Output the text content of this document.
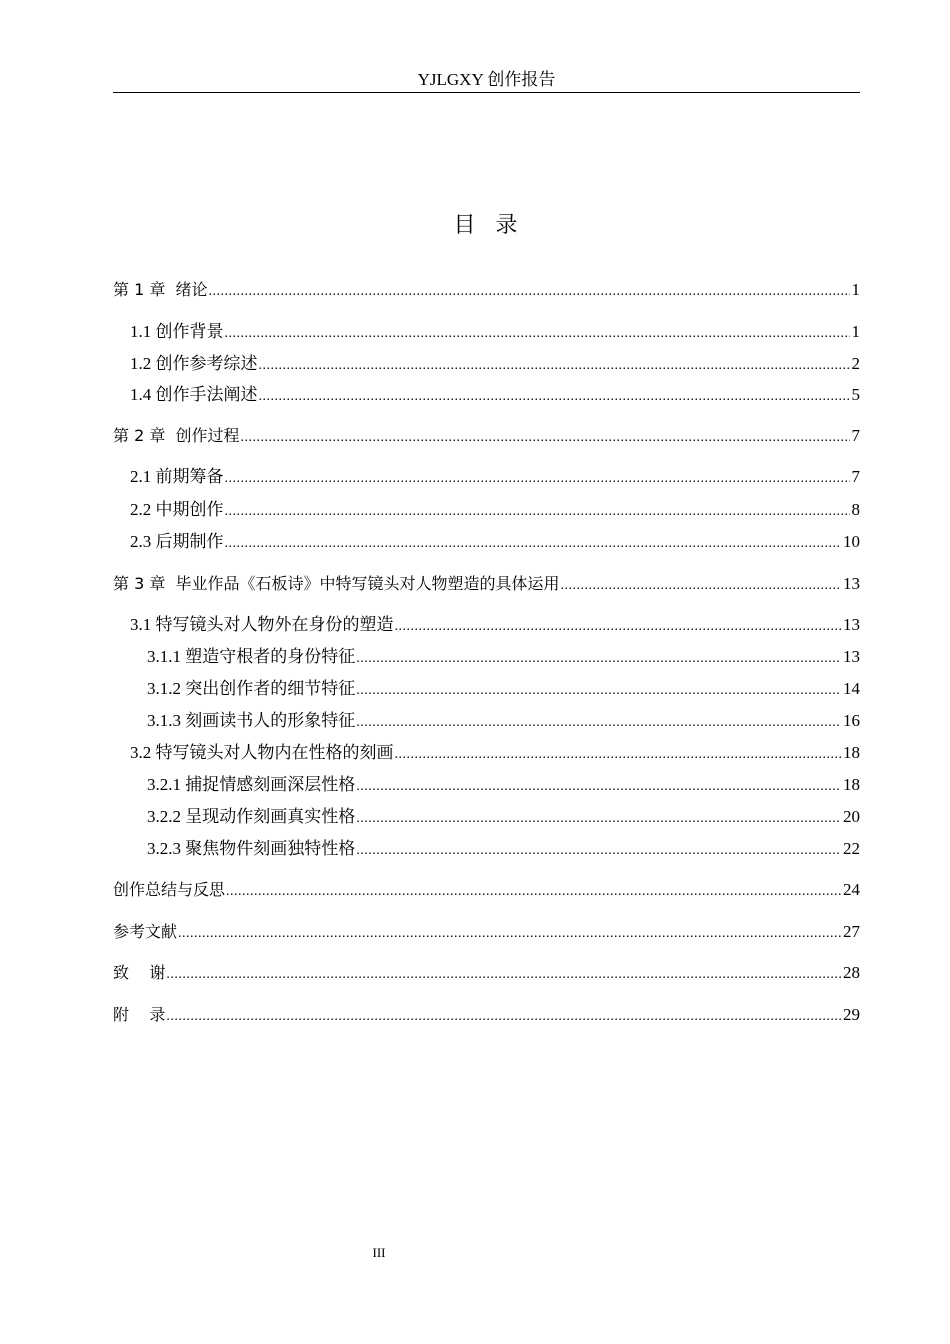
YJLGXY 创作报告
目  录
第 1 章  绪论 .....	1
1.1 创作背景 .....	1
1.2 创作参考综述 .....	2
1.4 创作手法阐述 .....	5
第 2 章  创作过程 .....	7
2.1 前期筹备 .....	7
2.2 中期创作 .....	8
2.3 后期制作 .....	10
第 3 章  毕业作品《石板诗》中特写镜头对人物塑造的具体运用 .....	13
3.1 特写镜头对人物外在身份的塑造 .....	13
3.1.1 塑造守根者的身份特征 .....	13
3.1.2 突出创作者的细节特征 .....	14
3.1.3 刻画读书人的形象特征 .....	16
3.2 特写镜头对人物内在性格的刻画 .....	18
3.2.1 捕捉情感刻画深层性格 .....	18
3.2.2 呈现动作刻画真实性格 .....	20
3.2.3 聚焦物件刻画独特性格 .....	22
创作总结与反思 .....	24
参考文献 .....	27
致    谢 .....	28
附    录 .....	29
III
